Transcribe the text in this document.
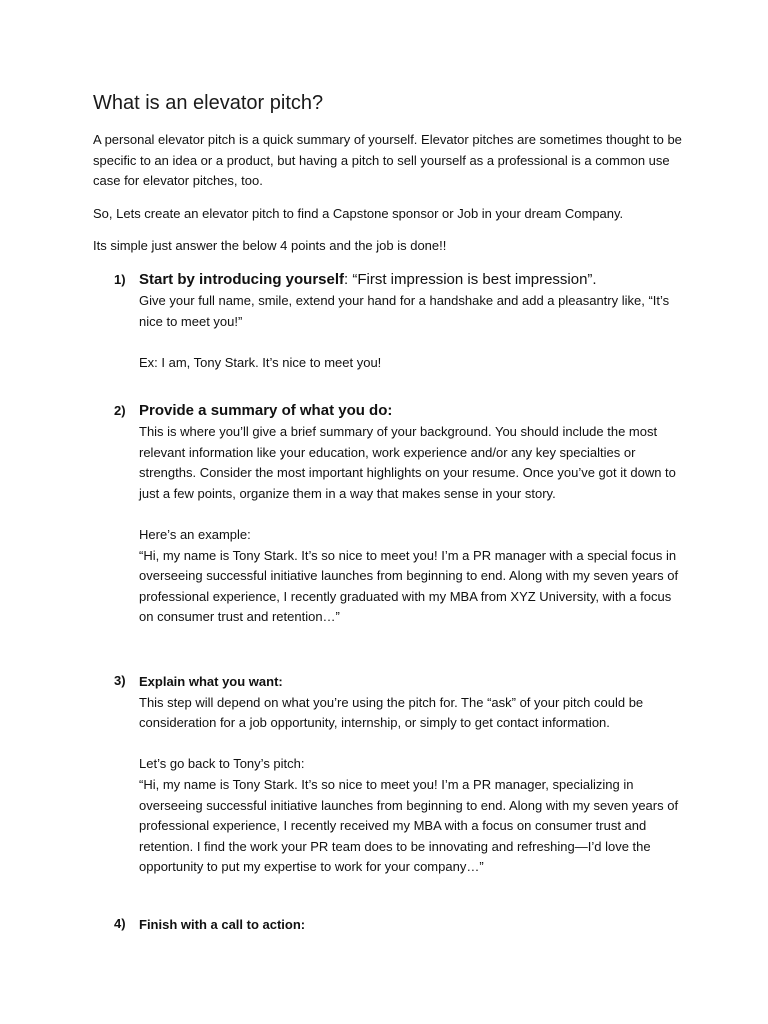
What is an elevator pitch?

A personal elevator pitch is a quick summary of yourself. Elevator pitches are sometimes thought to be specific to an idea or a product, but having a pitch to sell yourself as a professional is a common use case for elevator pitches, too.

So, Lets create an elevator pitch to find a Capstone sponsor or Job in your dream Company.

Its simple just answer the below 4 points and the job is done!!

1) Start by introducing yourself: “First impression is best impression”.

Give your full name, smile, extend your hand for a handshake and add a pleasantry like, “It’s nice to meet you!”

Ex: I am, Tony Stark. It’s nice to meet you!

2) Provide a summary of what you do:

This is where you’ll give a brief summary of your background. You should include the most relevant information like your education, work experience and/or any key specialties or strengths. Consider the most important highlights on your resume. Once you’ve got it down to just a few points, organize them in a way that makes sense in your story.

Here’s an example:

“Hi, my name is Tony Stark. It’s so nice to meet you! I’m a PR manager with a special focus in overseeing successful initiative launches from beginning to end. Along with my seven years of professional experience, I recently graduated with my MBA from XYZ University, with a focus on consumer trust and retention…”

3) Explain what you want:

This step will depend on what you’re using the pitch for. The “ask” of your pitch could be consideration for a job opportunity, internship, or simply to get contact information.

Let’s go back to Tony’s pitch:

“Hi, my name is Tony Stark. It’s so nice to meet you! I’m a PR manager, specializing in overseeing successful initiative launches from beginning to end. Along with my seven years of professional experience, I recently received my MBA with a focus on consumer trust and retention. I find the work your PR team does to be innovating and refreshing—I’d love the opportunity to put my expertise to work for your company…”

4) Finish with a call to action:
